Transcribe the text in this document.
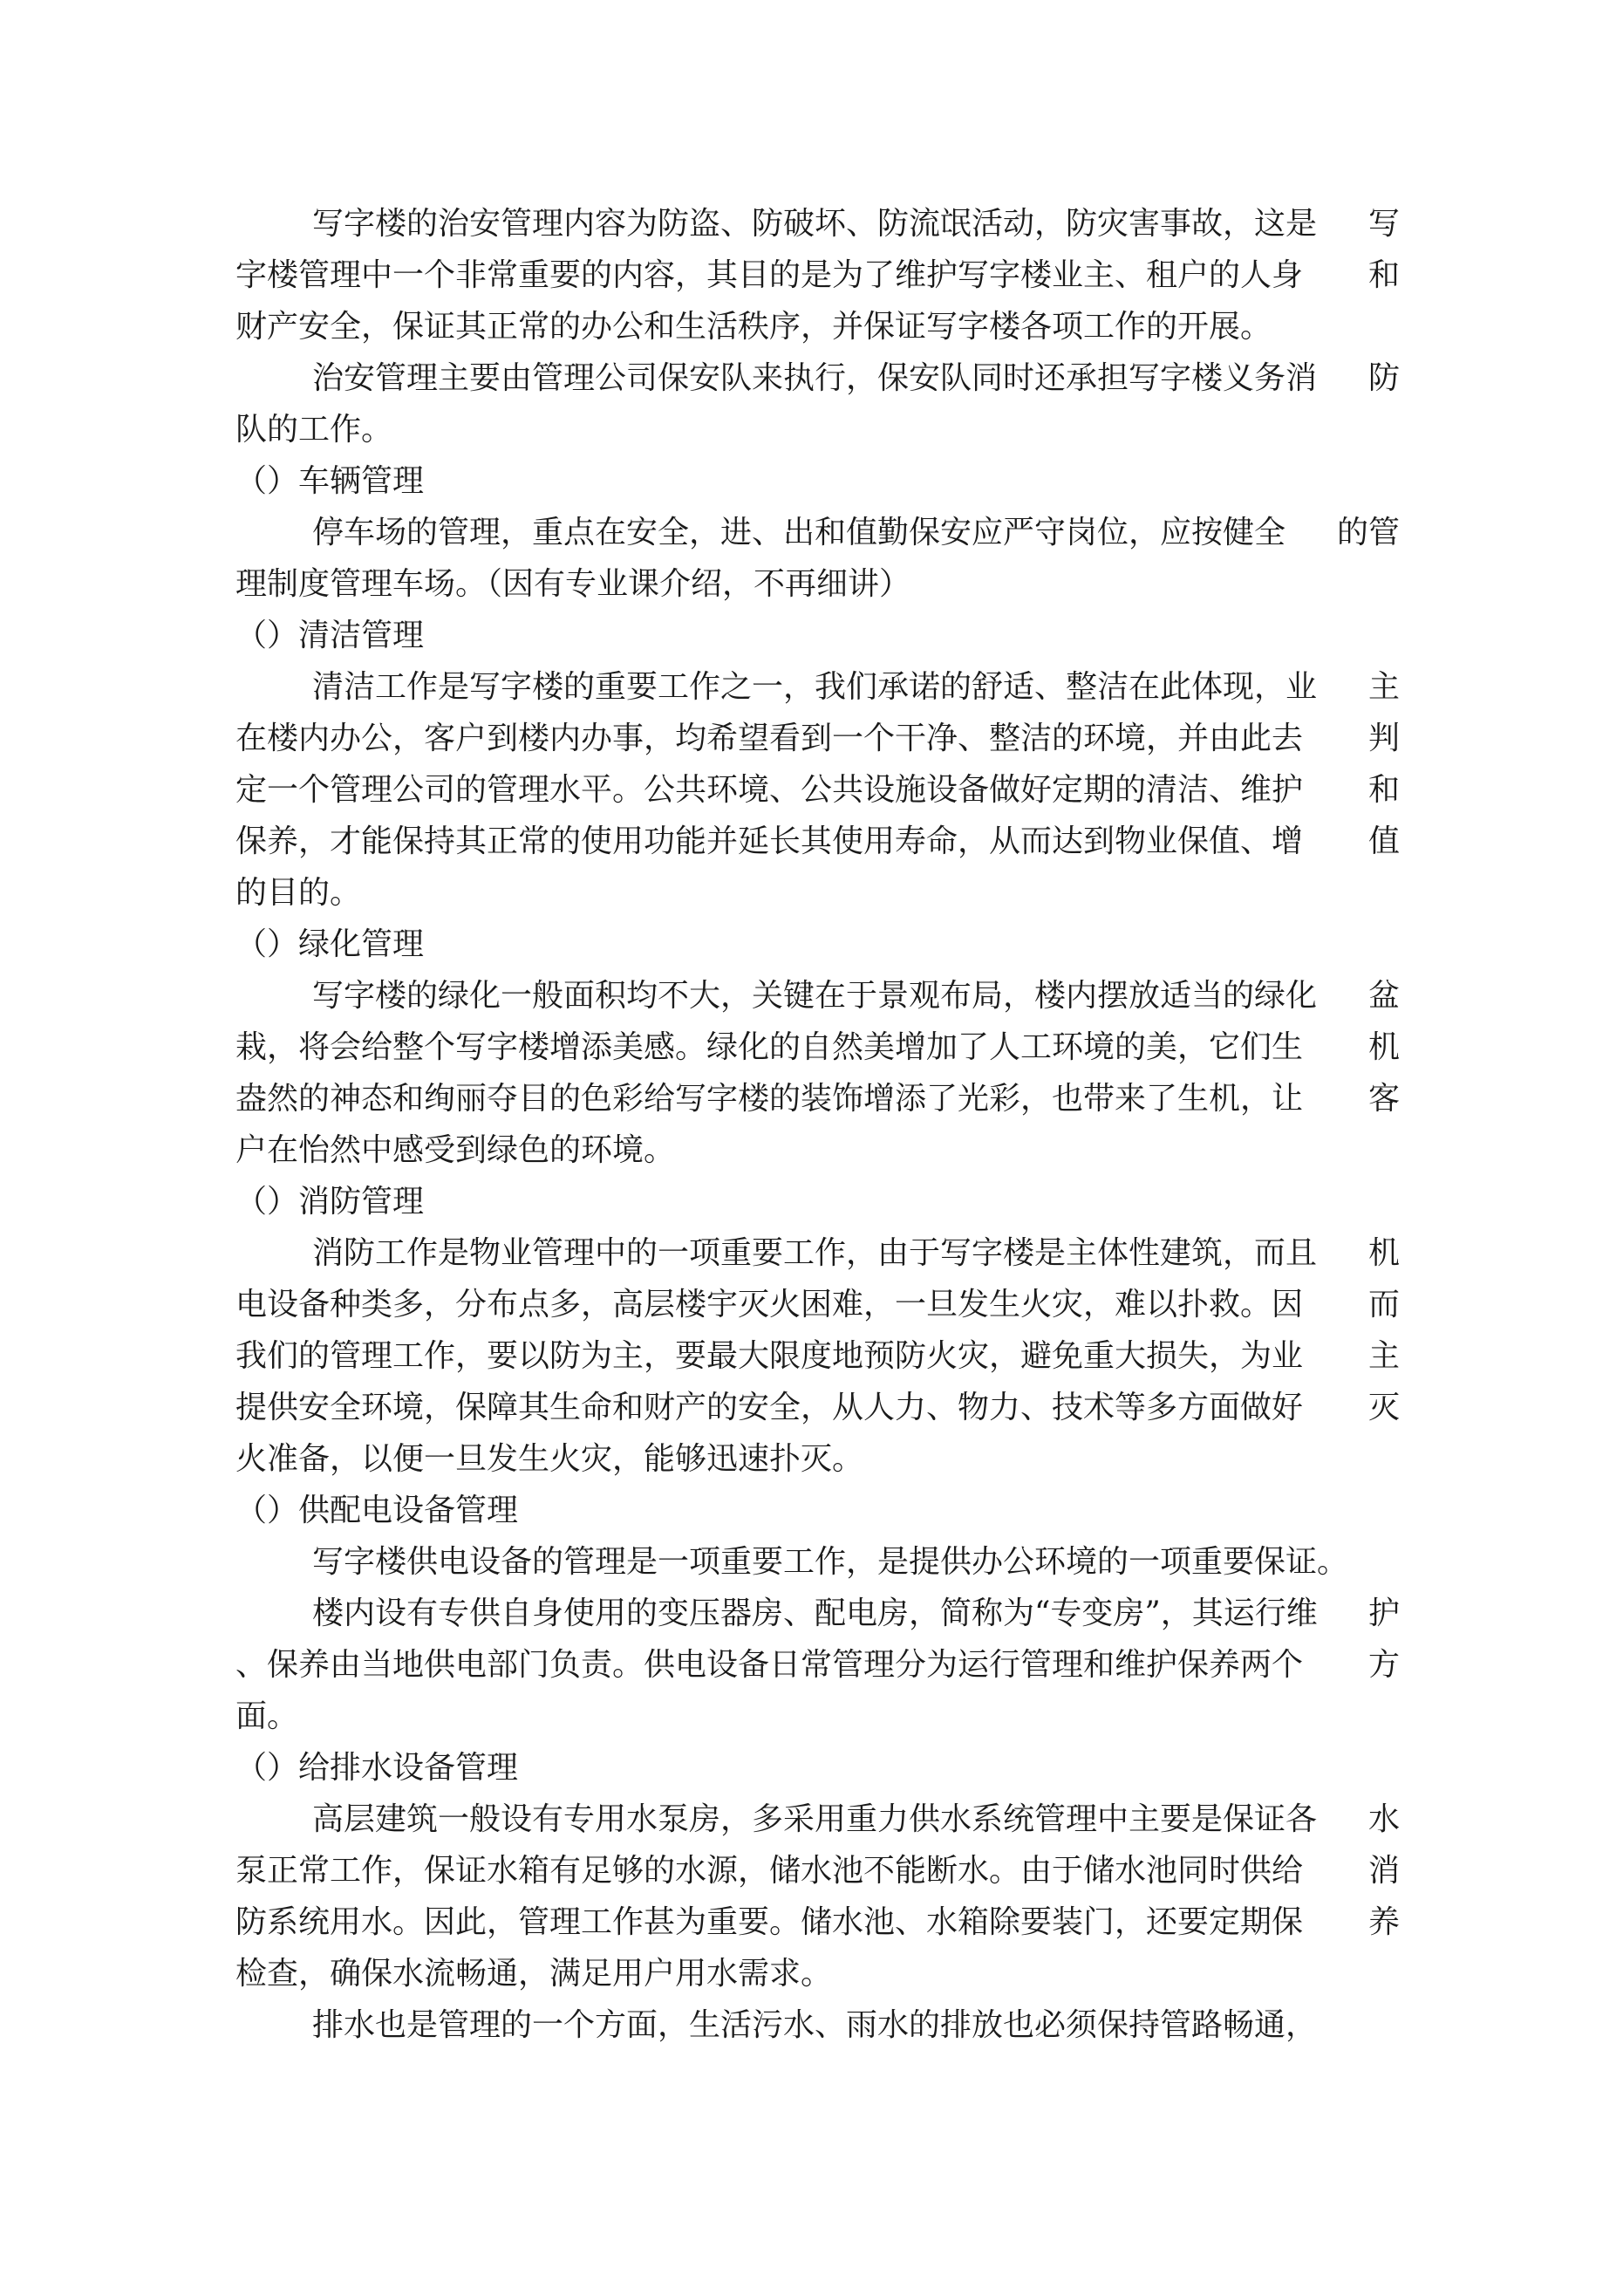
写字楼的治安管理内容为防盗、防破坏、防流氓活动，防灾害事故，这是 写
字楼管理中一个非常重要的内容，其目的是为了维护写字楼业主、租户的人身 和
财产安全，保证其正常的办公和生活秩序，并保证写字楼各项工作的开展。
治安管理主要由管理公司保安队来执行，保安队同时还承担写字楼义务消 防
队的工作。
（）车辆管理
停车场的管理，重点在安全，进、出和值勤保安应严守岗位，应按健全 的管
理制度管理车场。（因有专业课介绍，不再细讲）
（）清洁管理
清洁工作是写字楼的重要工作之一，我们承诺的舒适、整洁在此体现，业 主
在楼内办公，客户到楼内办事，均希望看到一个干净、整洁的环境，并由此去 判
定一个管理公司的管理水平。公共环境、公共设施设备做好定期的清洁、维护 和
保养，才能保持其正常的使用功能并延长其使用寿命，从而达到物业保值、增 值
的目的。
（）绿化管理
写字楼的绿化一般面积均不大，关键在于景观布局，楼内摆放适当的绿化 盆
栽，将会给整个写字楼增添美感。绿化的自然美增加了人工环境的美，它们生 机
盎然的神态和绚丽夺目的色彩给写字楼的装饰增添了光彩，也带来了生机，让 客
户在怡然中感受到绿色的环境。
（）消防管理
消防工作是物业管理中的一项重要工作，由于写字楼是主体性建筑，而且 机
电设备种类多，分布点多，高层楼宇灭火困难，一旦发生火灾，难以扑救。因 而
我们的管理工作，要以防为主，要最大限度地预防火灾，避免重大损失，为业 主
提供安全环境，保障其生命和财产的安全，从人力、物力、技术等多方面做好 灭
火准备，以便一旦发生火灾，能够迅速扑灭。
（）供配电设备管理
写字楼供电设备的管理是一项重要工作，是提供办公环境的一项重要保证。
楼内设有专供自身使用的变压器房、配电房，简称为“专变房”，其运行维 护
、保养由当地供电部门负责。供电设备日常管理分为运行管理和维护保养两个 方
面。
（）给排水设备管理
高层建筑一般设有专用水泵房，多采用重力供水系统管理中主要是保证各 水
泵正常工作，保证水箱有足够的水源，储水池不能断水。由于储水池同时供给 消
防系统用水。因此，管理工作甚为重要。储水池、水箱除要装门，还要定期保 养
检查，确保水流畅通，满足用户用水需求。
排水也是管理的一个方面，生活污水、雨水的排放也必须保持管路畅通，
